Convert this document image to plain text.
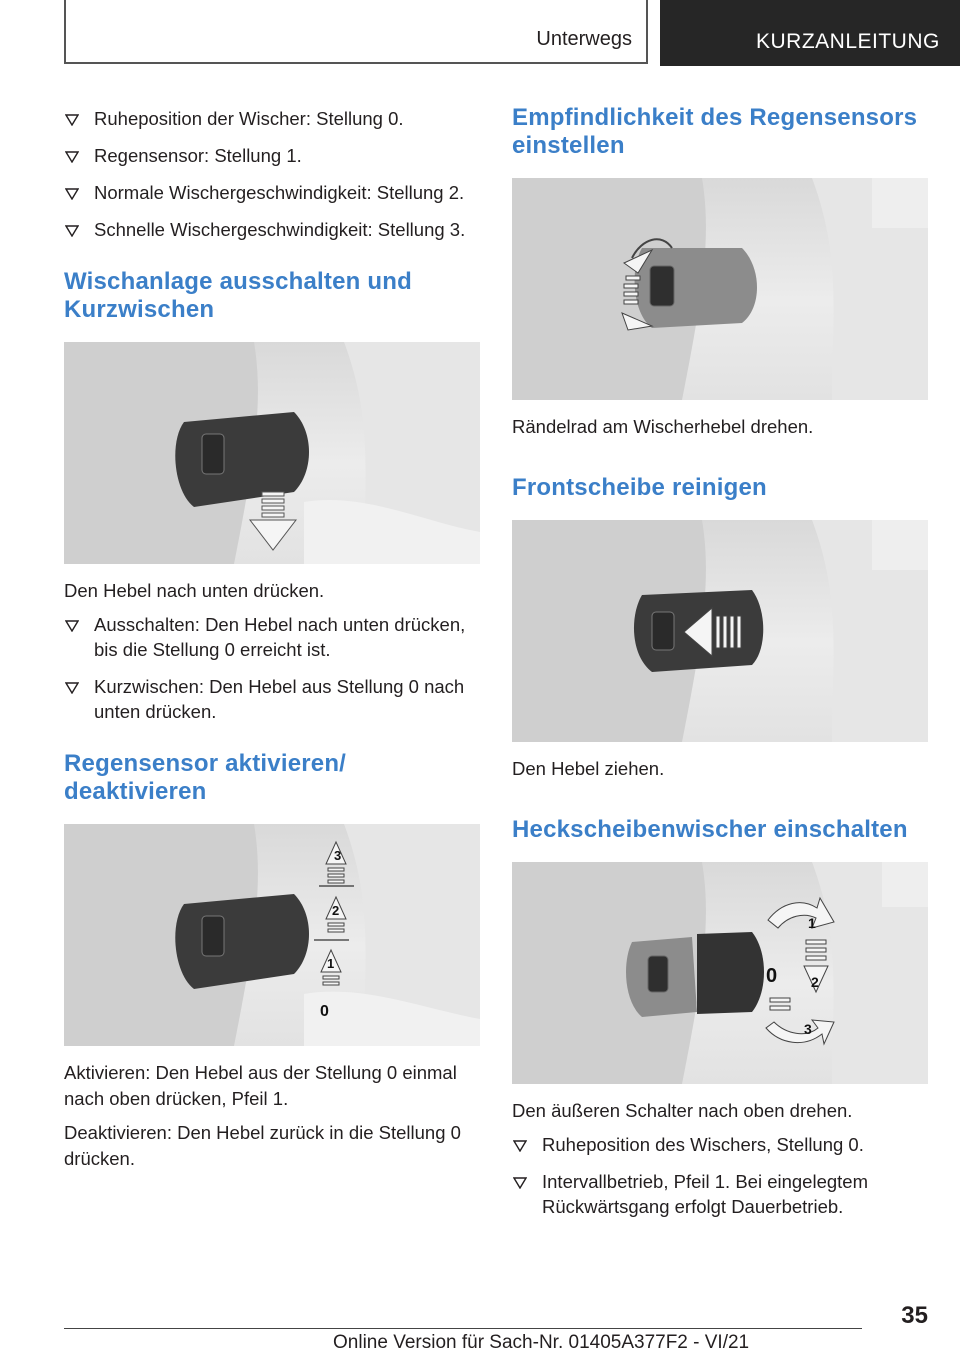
Unterwegs	KURZANLEITUNG
Ruheposition der Wischer: Stellung 0.
Regensensor: Stellung 1.
Normale Wischergeschwindigkeit: Stellung 2.
Schnelle Wischergeschwindigkeit: Stellung 3.
Wischanlage ausschalten und Kurzwischen

Den Hebel nach unten drücken.

Ausschalten: Den Hebel nach unten drücken, bis die Stellung 0 erreicht ist.
Kurzwischen: Den Hebel aus Stellung 0 nach unten drücken.
Regensensor aktivieren/ deaktivieren
3
2
1
0

Aktivieren: Den Hebel aus der Stellung 0 einmal nach oben drücken, Pfeil 1.

Deaktivieren: Den Hebel zurück in die Stellung 0 drücken.

Empfindlichkeit des Regensensors einstellen

Rändelrad am Wischerhebel drehen.

Frontscheibe reinigen

Den Hebel ziehen.

Heckscheibenwischer einschalten
1
0 2
3

Den äußeren Schalter nach oben drehen.

Ruheposition des Wischers, Stellung 0.
Intervallbetrieb, Pfeil 1. Bei eingelegtem Rückwärtsgang erfolgt Dauerbetrieb.
35
Online Version für Sach-Nr. 01405A377F2 - VI/21
